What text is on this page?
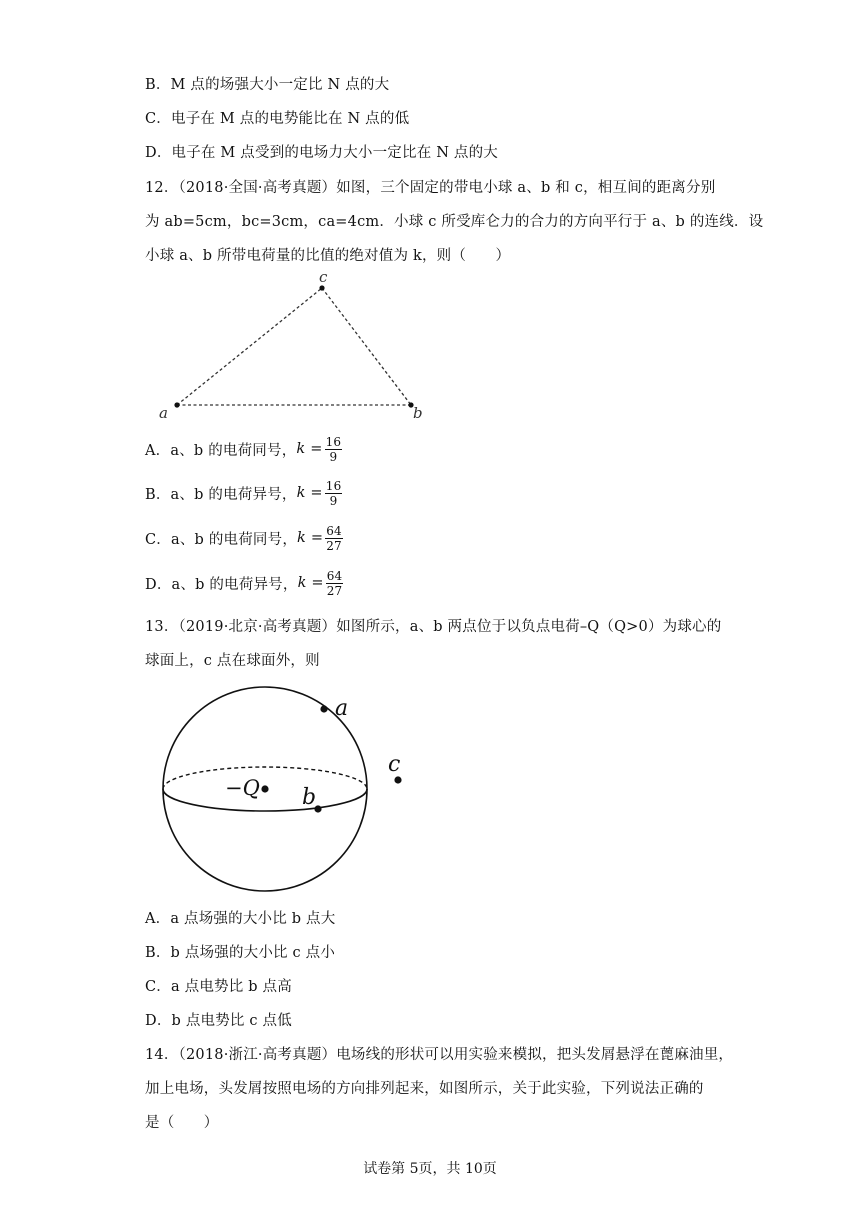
B．M 点的场强大小一定比 N 点的大
C．电子在 M 点的电势能比在 N 点的低
D．电子在 M 点受到的电场力大小一定比在 N 点的大
12．（2018·全国·高考真题）如图，三个固定的带电小球 a、b 和 c，相互间的距离分别
为 ab=5cm，bc=3cm，ca=4cm．小球 c 所受库仑力的合力的方向平行于 a、b 的连线．设
小球 a、b 所带电荷量的比值的绝对值为 k，则（　　）
a	b
c
A．a、b 的电荷同号， $k = \frac{16}{9}$
B．a、b 的电荷异号， $k = \frac{16}{9}$
C．a、b 的电荷同号， $k = \frac{64}{27}$
D．a、b 的电荷异号， $k = \frac{64}{27}$
13．（2019·北京·高考真题）如图所示，a、b 两点位于以负点电荷–Q（Q>0）为球心的
球面上，c 点在球面外，则
a
−Q b
c
A．a 点场强的大小比 b 点大
B．b 点场强的大小比 c 点小
C．a 点电势比 b 点高
D．b 点电势比 c 点低
14．（2018·浙江·高考真题）电场线的形状可以用实验来模拟，把头发屑悬浮在蓖麻油里，
加上电场，头发屑按照电场的方向排列起来，如图所示，关于此实验，下列说法正确的
是（　　）
试卷第 5页，共 10页
